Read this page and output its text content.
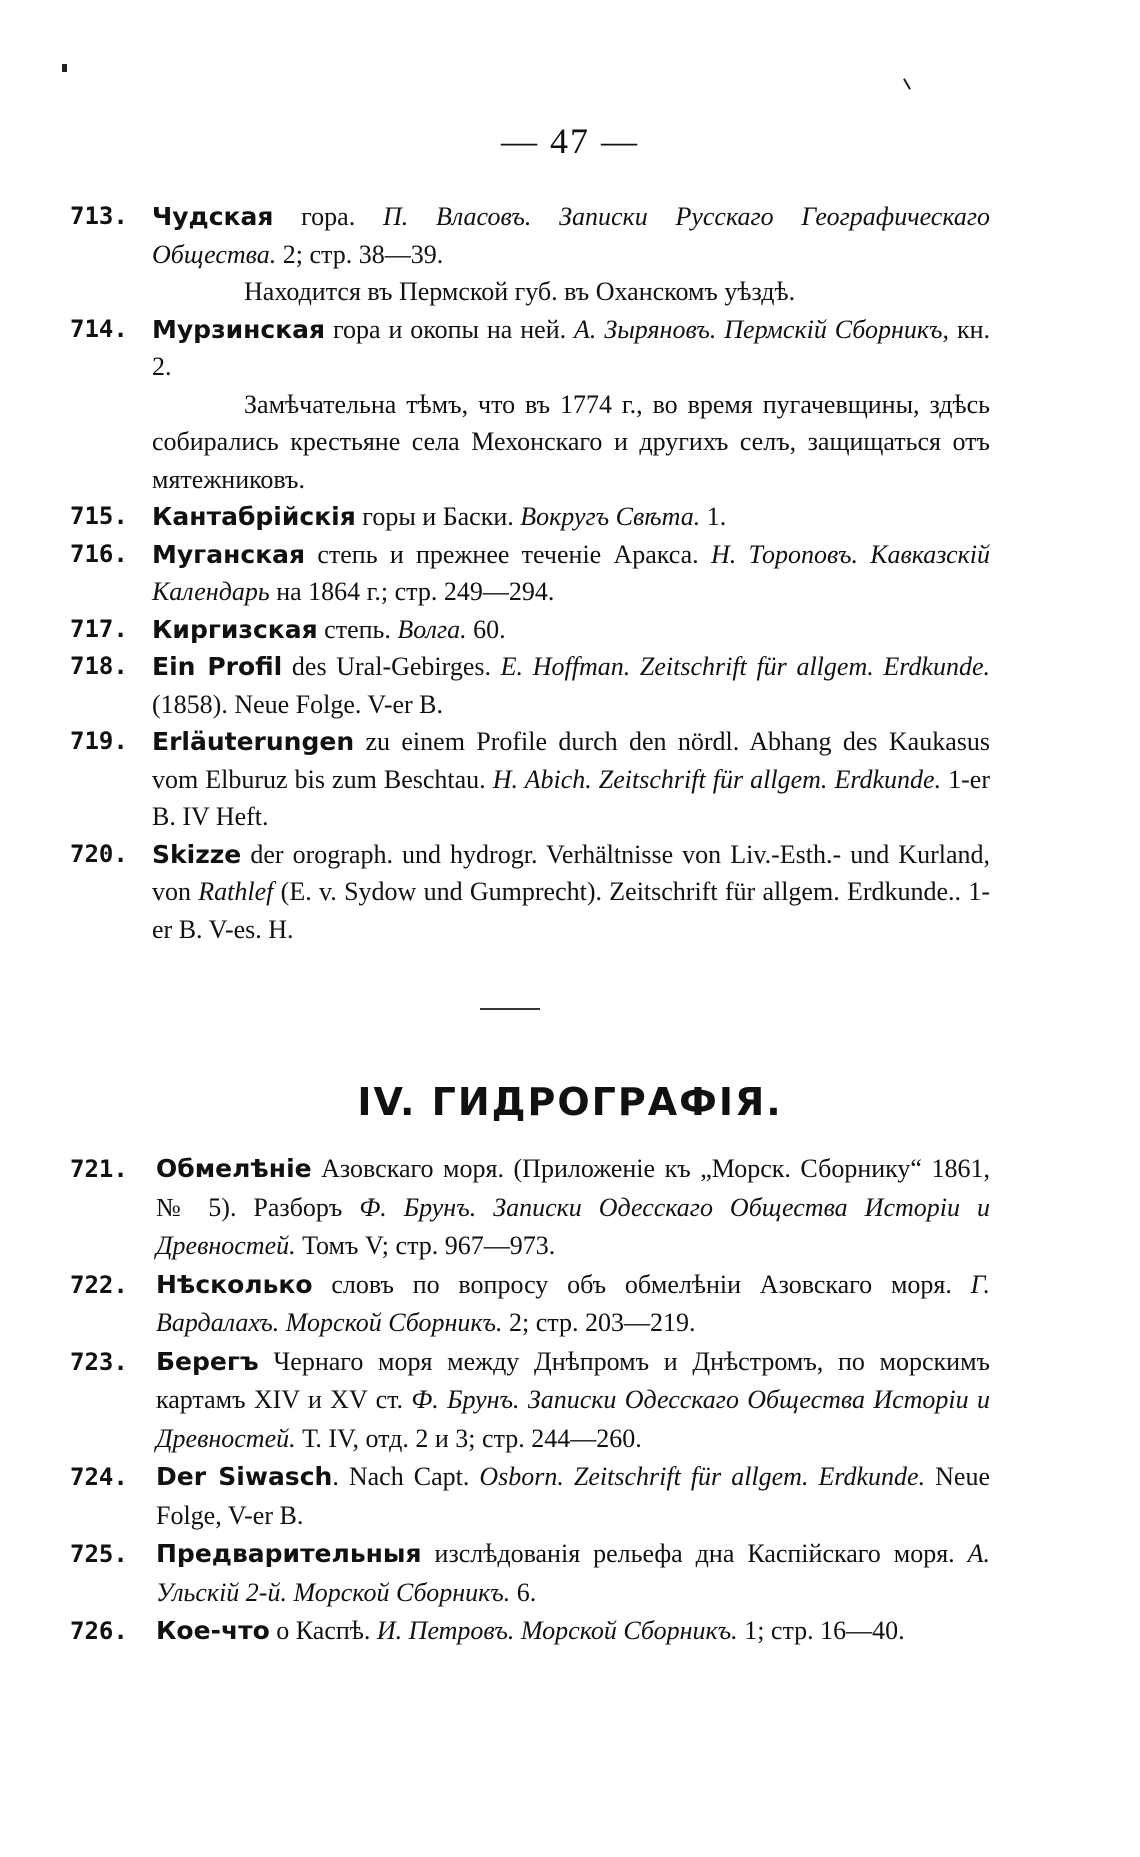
— 47 —
713. Чудская гора. П. Власовъ. Записки Русскаго Географическаго Общества. 2; стр. 38—39.
Находится въ Пермской губ. въ Оханскомъ уѣздѣ.
714. Мурзинская гора и окопы на ней. А. Зыряновъ. Пермскій Сборникъ, кн. 2.
Замѣчательна тѣмъ, что въ 1774 г., во время пугачевщины, здѣсь собирались крестьяне села Мехонскаго и другихъ селъ, защищаться отъ мятежниковъ.
715. Кантабрійскія горы и Баски. Вокругъ Свѣта. 1.
716. Муганская степь и прежнее теченіе Аракса. Н. Тороповъ. Кавказскій Календарь на 1864 г.; стр. 249—294.
717. Киргизская степь. Волга. 60.
718. Ein Profil des Ural-Gebirges. E. Hoffman. Zeitschrift für allgem. Erdkunde. (1858). Neue Folge. V-er B.
719. Erläuterungen zu einem Profile durch den nördl. Abhang des Kaukasus vom Elburuz bis zum Beschtau. H. Abich. Zeitschrift für allgem. Erdkunde. 1-er B. IV Heft.
720. Skizze der orograph. und hydrogr. Verhältnisse von Liv.-Esth.- und Kurland, von Rathlef (E. v. Sydow und Gumprecht). Zeitschrift für allgem. Erdkunde.. 1-er B. V-es. H.
IV. ГИДРОГРАФІЯ.
721. Обмелѣніе Азовскаго моря. (Приложеніе къ „Морск. Сборнику“ 1861, № 5). Разборъ Ф. Брунъ. Записки Одесскаго Общества Исторіи и Древностей. Томъ V; стр. 967—973.
722. Нѣсколько словъ по вопросу объ обмелѣніи Азовскаго моря. Г. Вардалахъ. Морской Сборникъ. 2; стр. 203—219.
723. Берегъ Чернаго моря между Днѣпромъ и Днѣстромъ, по морскимъ картамъ XIV и XV ст. Ф. Брунъ. Записки Одесскаго Общества Исторіи и Древностей. Т. IV, отд. 2 и 3; стр. 244—260.
724. Der Siwasch. Nach Capt. Osborn. Zeitschrift für allgem. Erdkunde. Neue Folge, V-er B.
725. Предварительныя изслѣдованія рельефа дна Каспійскаго моря. А. Ульскій 2-й. Морской Сборникъ. 6.
726. Кое-что о Каспѣ. И. Петровъ. Морской Сборникъ. 1; стр. 16—40.
